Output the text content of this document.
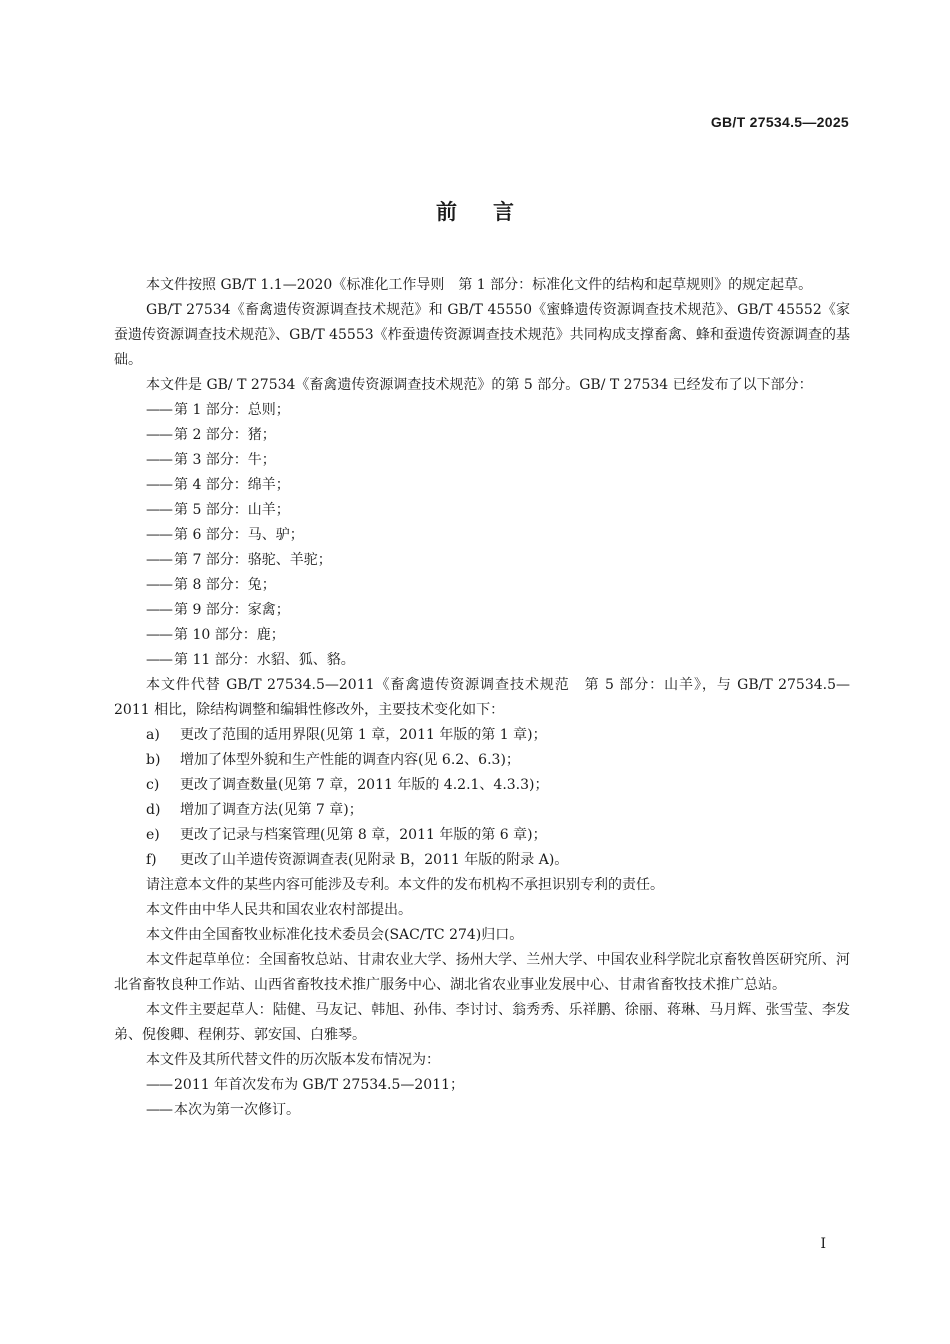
GB/T 27534.5—2025
前言

本文件按照 GB/T 1.1—2020《标准化工作导则　第 1 部分：标准化文件的结构和起草规则》的规定起草。

GB/T 27534《畜禽遗传资源调查技术规范》和 GB/T 45550《蜜蜂遗传资源调查技术规范》、GB/T 45552《家蚕遗传资源调查技术规范》、GB/T 45553《柞蚕遗传资源调查技术规范》共同构成支撑畜禽、蜂和蚕遗传资源调查的基础。

本文件是 GB/ T 27534《畜禽遗传资源调查技术规范》的第 5 部分。GB/ T 27534 已经发布了以下部分：

—— 第 1 部分：总则；

—— 第 2 部分：猪；

—— 第 3 部分：牛；

—— 第 4 部分：绵羊；

—— 第 5 部分：山羊；

—— 第 6 部分：马、驴；

—— 第 7 部分：骆驼、羊驼；

—— 第 8 部分：兔；

—— 第 9 部分：家禽；

—— 第 10 部分：鹿；

—— 第 11 部分：水貂、狐、貉。

本文件代替 GB/T 27534.5—2011《畜禽遗传资源调查技术规范　第 5 部分：山羊》，与 GB/T 27534.5—2011 相比，除结构调整和编辑性修改外，主要技术变化如下：

a) 更改了范围的适用界限(见第 1 章，2011 年版的第 1 章)；

b) 增加了体型外貌和生产性能的调查内容(见 6.2、6.3)；

c) 更改了调查数量(见第 7 章，2011 年版的 4.2.1、4.3.3)；

d) 增加了调查方法(见第 7 章)；

e) 更改了记录与档案管理(见第 8 章，2011 年版的第 6 章)；

f) 更改了山羊遗传资源调查表(见附录 B，2011 年版的附录 A)。

请注意本文件的某些内容可能涉及专利。本文件的发布机构不承担识别专利的责任。

本文件由中华人民共和国农业农村部提出。

本文件由全国畜牧业标准化技术委员会(SAC/TC 274)归口。

本文件起草单位：全国畜牧总站、甘肃农业大学、扬州大学、兰州大学、中国农业科学院北京畜牧兽医研究所、河北省畜牧良种工作站、山西省畜牧技术推广服务中心、湖北省农业事业发展中心、甘肃省畜牧技术推广总站。

本文件主要起草人：陆健、马友记、韩旭、孙伟、李讨讨、翁秀秀、乐祥鹏、徐丽、蒋琳、马月辉、张雪莹、李发弟、倪俊卿、程俐芬、郭安国、白雅琴。

本文件及其所代替文件的历次版本发布情况为：

—— 2011 年首次发布为 GB/T 27534.5—2011；

—— 本次为第一次修订。

I
